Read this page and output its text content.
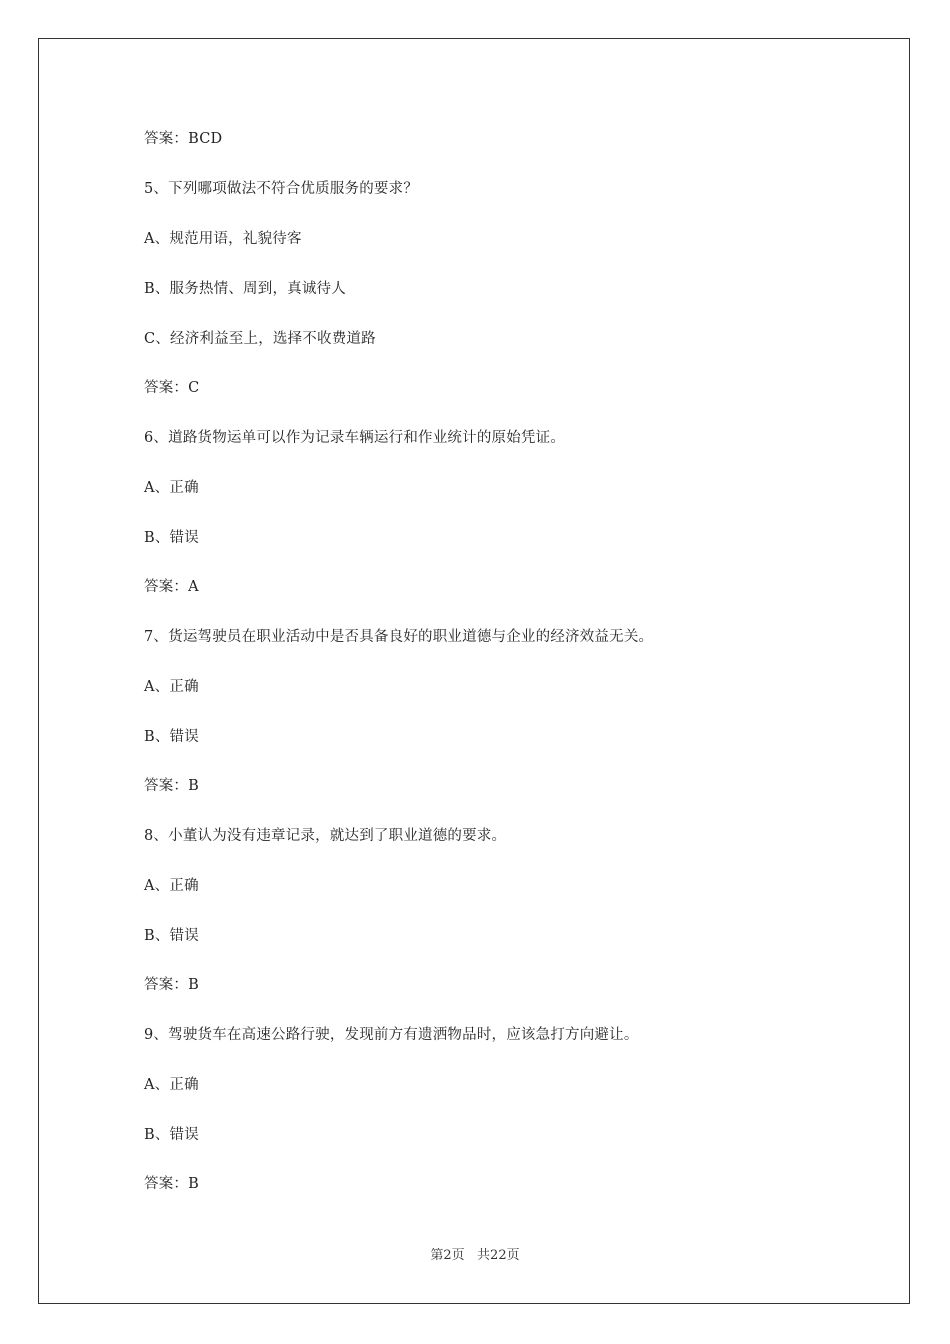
答案：BCD
5、下列哪项做法不符合优质服务的要求？
A、规范用语，礼貌待客
B、服务热情、周到，真诚待人
C、经济利益至上，选择不收费道路
答案：C
6、道路货物运单可以作为记录车辆运行和作业统计的原始凭证。
A、正确
B、错误
答案：A
7、货运驾驶员在职业活动中是否具备良好的职业道德与企业的经济效益无关。
A、正确
B、错误
答案：B
8、小董认为没有违章记录，就达到了职业道德的要求。
A、正确
B、错误
答案：B
9、驾驶货车在高速公路行驶，发现前方有遗洒物品时，应该急打方向避让。
A、正确
B、错误
答案：B
第2页   共22页
